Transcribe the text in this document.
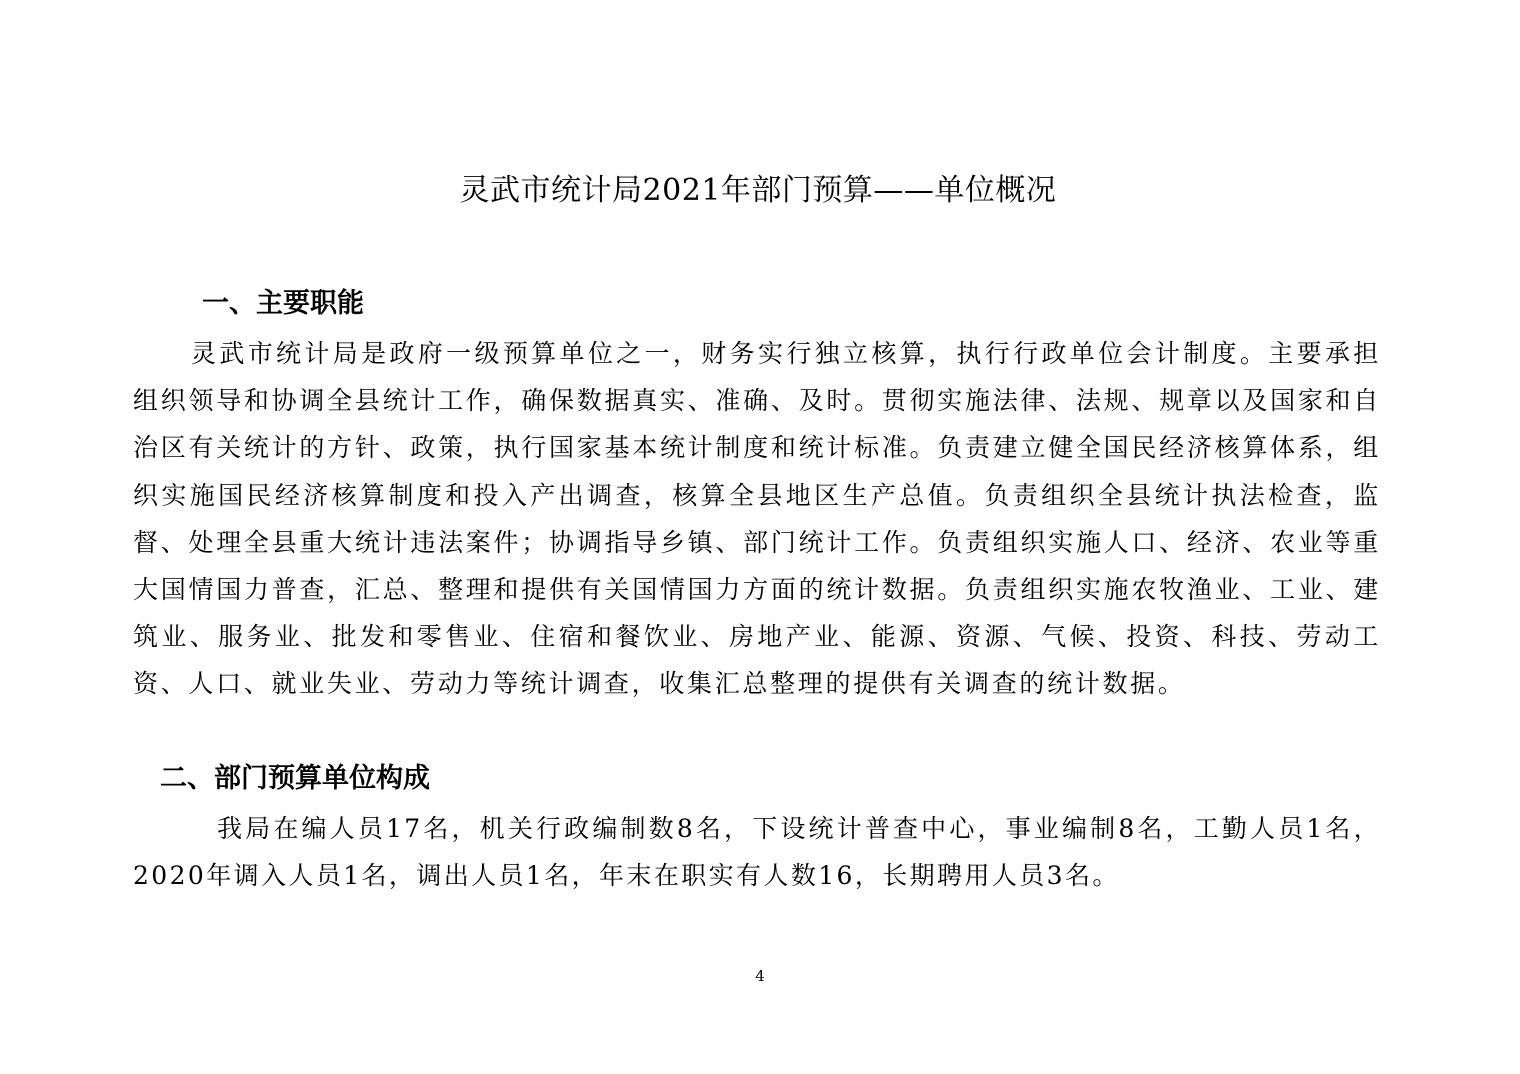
灵武市统计局2021年部门预算——单位概况
一、主要职能

灵武市统计局是政府一级预算单位之一，财务实行独立核算，执行行政单位会计制度。主要承担组织领导和协调全县统计工作，确保数据真实、准确、及时。贯彻实施法律、法规、规章以及国家和自治区有关统计的方针、政策，执行国家基本统计制度和统计标准。负责建立健全国民经济核算体系，组织实施国民经济核算制度和投入产出调查，核算全县地区生产总值。负责组织全县统计执法检查，监督、处理全县重大统计违法案件；协调指导乡镇、部门统计工作。负责组织实施人口、经济、农业等重大国情国力普查，汇总、整理和提供有关国情国力方面的统计数据。负责组织实施农牧渔业、工业、建筑业、服务业、批发和零售业、住宿和餐饮业、房地产业、能源、资源、气候、投资、科技、劳动工资、人口、就业失业、劳动力等统计调查，收集汇总整理的提供有关调查的统计数据。

二、部门预算单位构成

我局在编人员17名，机关行政编制数8名，下设统计普查中心，事业编制8名，工勤人员1名，2020年调入人员1名，调出人员1名，年末在职实有人数16，长期聘用人员3名。

4
